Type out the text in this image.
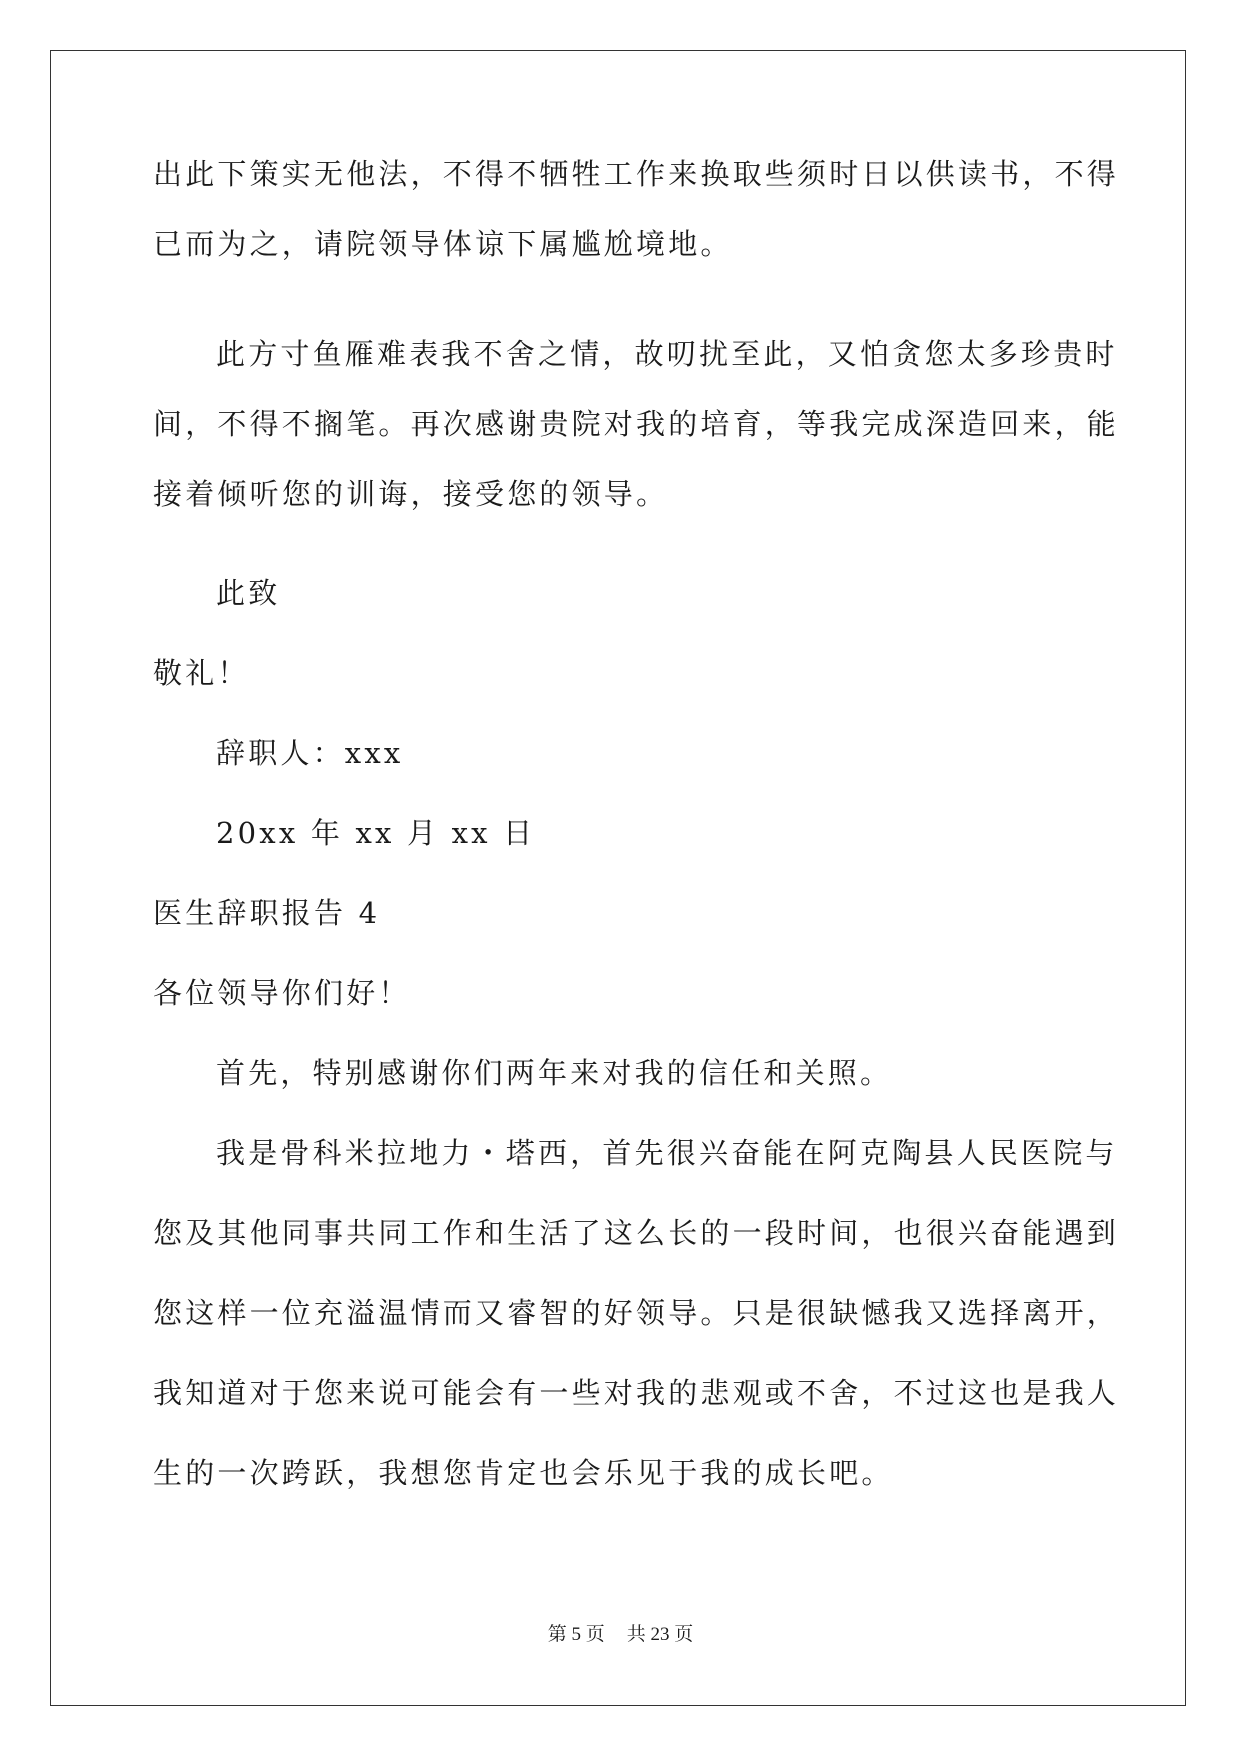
出此下策实无他法，不得不牺牲工作来换取些须时日以供读书，不得
已而为之，请院领导体谅下属尴尬境地。
此方寸鱼雁难表我不舍之情，故叨扰至此，又怕贪您太多珍贵时
间，不得不搁笔。再次感谢贵院对我的培育，等我完成深造回来，能
接着倾听您的训诲，接受您的领导。
此致
敬礼！
辞职人：xxx
20xx 年 xx 月 xx 日
医生辞职报告 4
各位领导你们好！
首先，特别感谢你们两年来对我的信任和关照。
我是骨科米拉地力・塔西，首先很兴奋能在阿克陶县人民医院与
您及其他同事共同工作和生活了这么长的一段时间，也很兴奋能遇到
您这样一位充溢温情而又睿智的好领导。只是很缺憾我又选择离开，
我知道对于您来说可能会有一些对我的悲观或不舍，不过这也是我人
生的一次跨跃，我想您肯定也会乐见于我的成长吧。
第 5 页 共 23 页
